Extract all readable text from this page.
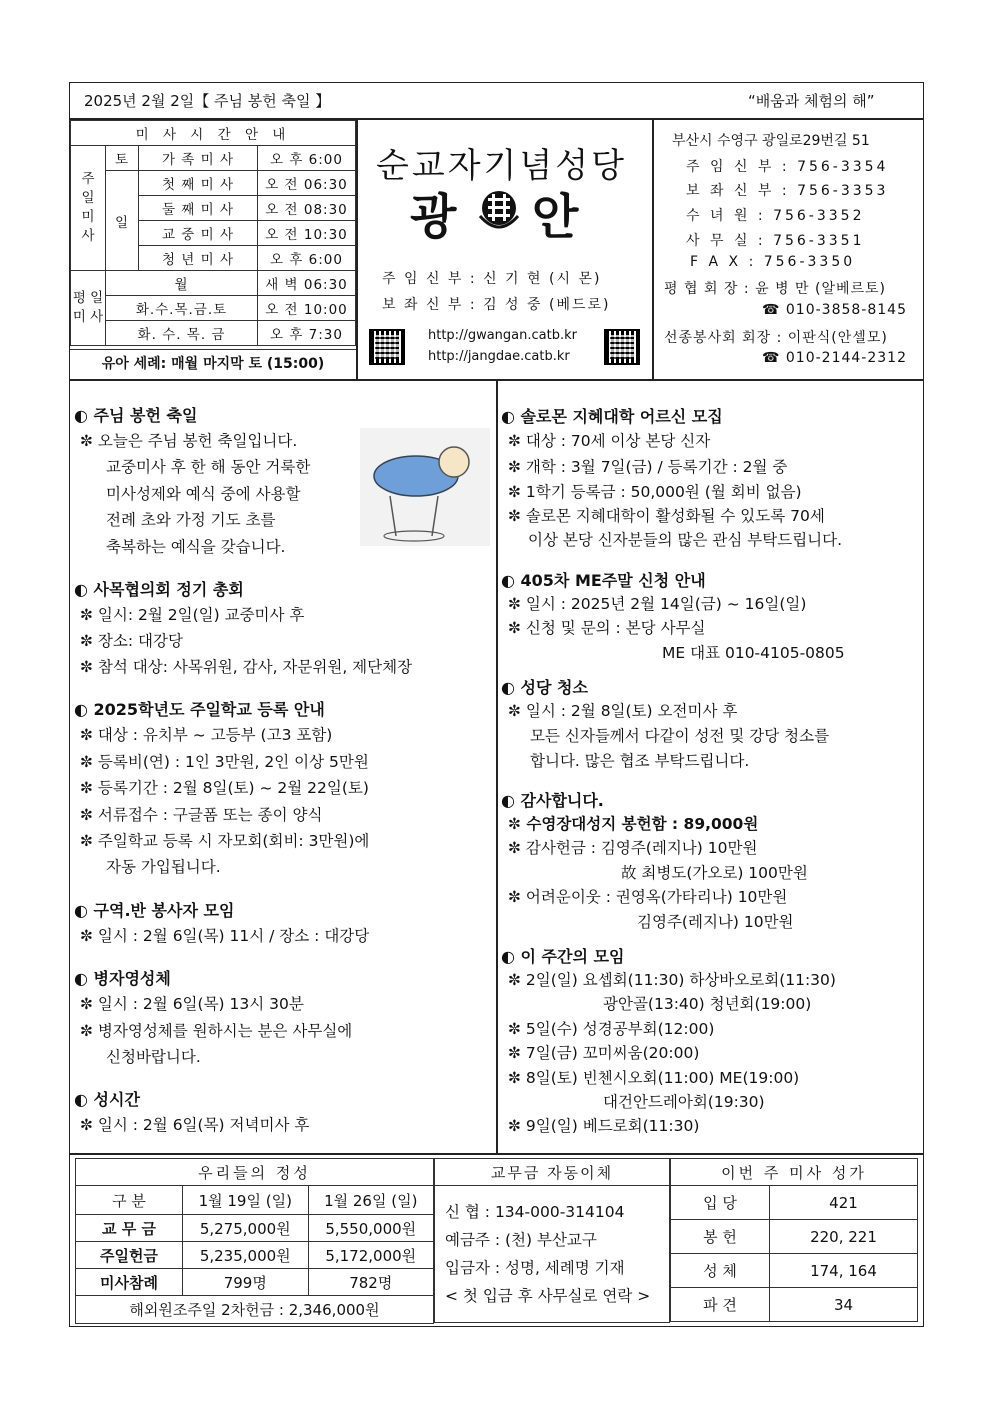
2025년 2월 2일【 주님 봉헌 축일 】	“배움과 체험의 해”
미 사 시 간 안 내			
주
일
미
사	토	가 족 미 사	오 후 6:00
	일	첫 째 미 사	오 전 06:30
		둘 째 미 사	오 전 08:30
		교 중 미 사	오 전 10:30
		청 년 미 사	오 후 6:00
평 일
미 사	월		새 벽 06:30
	화.수.목.금.토		오 전 10:00
	화. 수. 목. 금		오 후 7:30
유아 세례: 매월 마지막 토 (15:00)
순교자기념성당
광 안
주 임 신 부 : 신 기 현 (시 몬)
보 좌 신 부 : 김 성 중 (베드로)
http://gwangan.catb.kr
http://jangdae.catb.kr
부산시 수영구 광일로29번길 51
주 임 신 부 : 756-3354
보 좌 신 부 : 756-3353
수 녀 원 : 756-3352
사 무 실 : 756-3351
F A X : 756-3350
평 협 회 장 : 윤 병 만 (알베르토)
☎ 010-3858-8145
선종봉사회 회장 : 이판식(안셀모)
☎ 010-2144-2312
◐ 주님 봉헌 축일
✼ 오늘은 주님 봉헌 축일입니다.
교중미사 후 한 해 동안 거룩한
미사성제와 예식 중에 사용할
전례 초와 가정 기도 초를
축복하는 예식을 갖습니다.
◐ 사목협의회 정기 총회
✼ 일시: 2월 2일(일) 교중미사 후
✼ 장소: 대강당
✼ 참석 대상: 사목위원, 감사, 자문위원, 제단체장
◐ 2025학년도 주일학교 등록 안내
✼ 대상 : 유치부 ~ 고등부 (고3 포함)
✼ 등록비(연) : 1인 3만원, 2인 이상 5만원
✼ 등록기간 : 2월 8일(토) ~ 2월 22일(토)
✼ 서류접수 : 구글폼 또는 종이 양식
✼ 주일학교 등록 시 자모회(회비: 3만원)에
자동 가입됩니다.
◐ 구역.반 봉사자 모임
✼ 일시 : 2월 6일(목) 11시 / 장소 : 대강당
◐ 병자영성체
✼ 일시 : 2월 6일(목) 13시 30분
✼ 병자영성체를 원하시는 분은 사무실에
신청바랍니다.
◐ 성시간
✼ 일시 : 2월 6일(목) 저녁미사 후
◐ 솔로몬 지혜대학 어르신 모집
✼ 대상 : 70세 이상 본당 신자
✼ 개학 : 3월 7일(금) / 등록기간 : 2월 중
✼ 1학기 등록금 : 50,000원 (월 회비 없음)
✼ 솔로몬 지혜대학이 활성화될 수 있도록 70세
이상 본당 신자분들의 많은 관심 부탁드립니다.
◐ 405차 ME주말 신청 안내
✼ 일시 : 2025년 2월 14일(금) ~ 16일(일)
✼ 신청 및 문의 : 본당 사무실
ME 대표 010-4105-0805
◐ 성당 청소
✼ 일시 : 2월 8일(토) 오전미사 후
모든 신자들께서 다같이 성전 및 강당 청소를
합니다. 많은 협조 부탁드립니다.
◐ 감사합니다.
✼ 수영장대성지 봉헌함 : 89,000원
✼ 감사헌금 : 김영주(레지나) 10만원
故 최병도(가오로) 100만원
✼ 어려운이웃 : 권영옥(가타리나) 10만원
김영주(레지나) 10만원
◐ 이 주간의 모임
✼ 2일(일) 요셉회(11:30) 하상바오로회(11:30)
광안골(13:40) 청년회(19:00)
✼ 5일(수) 성경공부회(12:00)
✼ 7일(금) 꼬미씨움(20:00)
✼ 8일(토) 빈첸시오회(11:00) ME(19:00)
대건안드레아회(19:30)
✼ 9일(일) 베드로회(11:30)
우리들의 정성		
구 분	1월 19일 (일)	1월 26일 (일)
교 무 금	5,275,000원	5,550,000원
주일헌금	5,235,000원	5,172,000원
미사참례	799명	782명
해외원조주일 2차헌금 : 2,346,000원		
교무금 자동이체

신 협 : 134-000-314104
예금주 : (천) 부산교구
입금자 : 성명, 세례명 기재
< 첫 입금 후 사무실로 연락 >
이번 주 미사 성가	
입 당	421
봉 헌	220, 221
성 체	174, 164
파 견	34
